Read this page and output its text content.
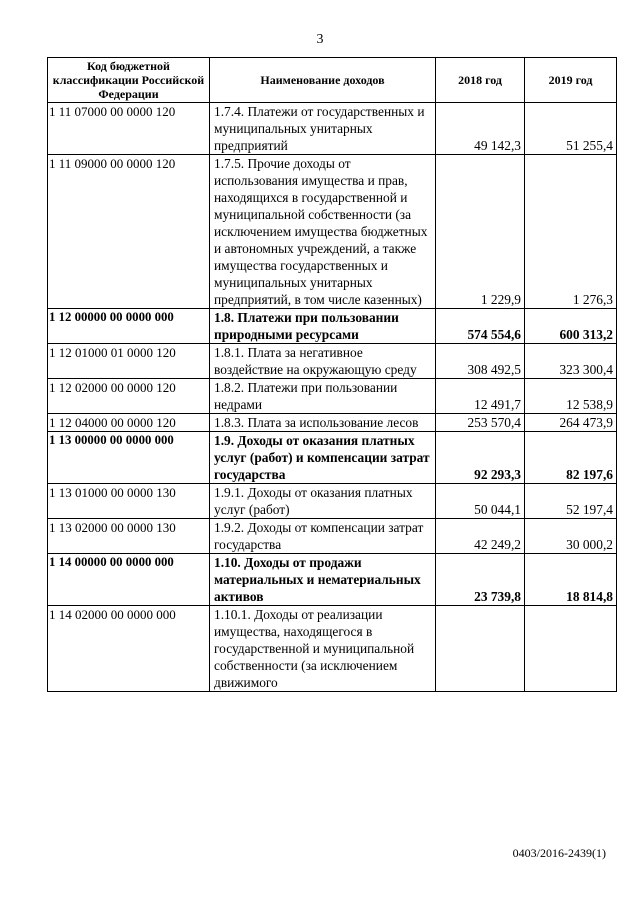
3
Код бюджетной классификации Российской Федерации	Наименование доходов	2018 год	2019 год
1 11 07000 00 0000 120	1.7.4. Платежи от государственных и муниципальных унитарных предприятий	49 142,3	51 255,4
1 11 09000 00 0000 120	1.7.5. Прочие доходы от использования имущества и прав, находящихся в государственной и муниципальной собственности (за исключением имущества бюджетных и автономных учреждений, а также имущества государственных и муниципальных унитарных предприятий, в том числе казенных)	1 229,9	1 276,3
1 12 00000 00 0000 000	1.8. Платежи при пользовании природными ресурсами	574 554,6	600 313,2
1 12 01000 01 0000 120	1.8.1. Плата за негативное воздействие на окружающую среду	308 492,5	323 300,4
1 12 02000 00 0000 120	1.8.2. Платежи при пользовании недрами	12 491,7	12 538,9
1 12 04000 00 0000 120	1.8.3. Плата за использование лесов	253 570,4	264 473,9
1 13 00000 00 0000 000	1.9. Доходы от оказания платных услуг (работ) и компенсации затрат государства	92 293,3	82 197,6
1 13 01000 00 0000 130	1.9.1. Доходы от оказания платных услуг (работ)	50 044,1	52 197,4
1 13 02000 00 0000 130	1.9.2. Доходы от компенсации затрат государства	42 249,2	30 000,2
1 14 00000 00 0000 000	1.10. Доходы от продажи материальных и нематериальных активов	23 739,8	18 814,8
1 14 02000 00 0000 000	1.10.1. Доходы от реализации имущества, находящегося в государственной и муниципальной собственности (за исключением движимого		
0403/2016-2439(1)
